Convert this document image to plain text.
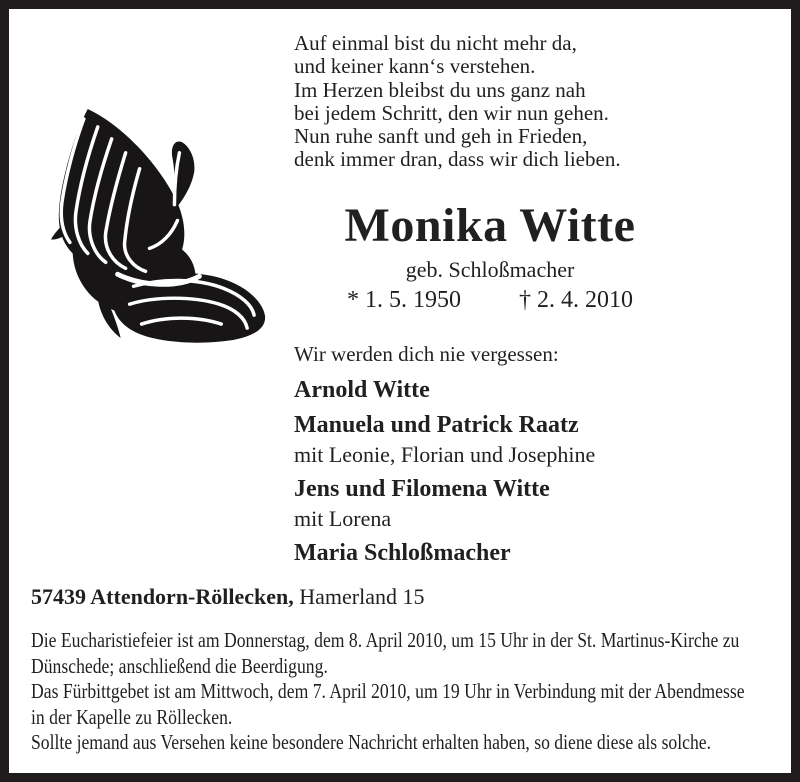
Auf einmal bist du nicht mehr da,
und keiner kann‘s verstehen.
Im Herzen bleibst du uns ganz nah
bei jedem Schritt, den wir nun gehen.
Nun ruhe sanft und geh in Frieden,
denk immer dran, dass wir dich lieben.
Monika Witte
geb. Schloßmacher
* 1. 5. 1950 † 2. 4. 2010
Wir werden dich nie vergessen:
Arnold Witte
Manuela und Patrick Raatz
mit Leonie, Florian und Josephine
Jens und Filomena Witte
mit Lorena
Maria Schloßmacher
57439 Attendorn-Röllecken, Hamerland 15
Die Eucharistiefeier ist am Donnerstag, dem 8. April 2010, um 15 Uhr in der St. Martinus-Kirche zu
Dünschede; anschließend die Beerdigung.
Das Fürbittgebet ist am Mittwoch, dem 7. April 2010, um 19 Uhr in Verbindung mit der Abendmesse
in der Kapelle zu Röllecken.
Sollte jemand aus Versehen keine besondere Nachricht erhalten haben, so diene diese als solche.
